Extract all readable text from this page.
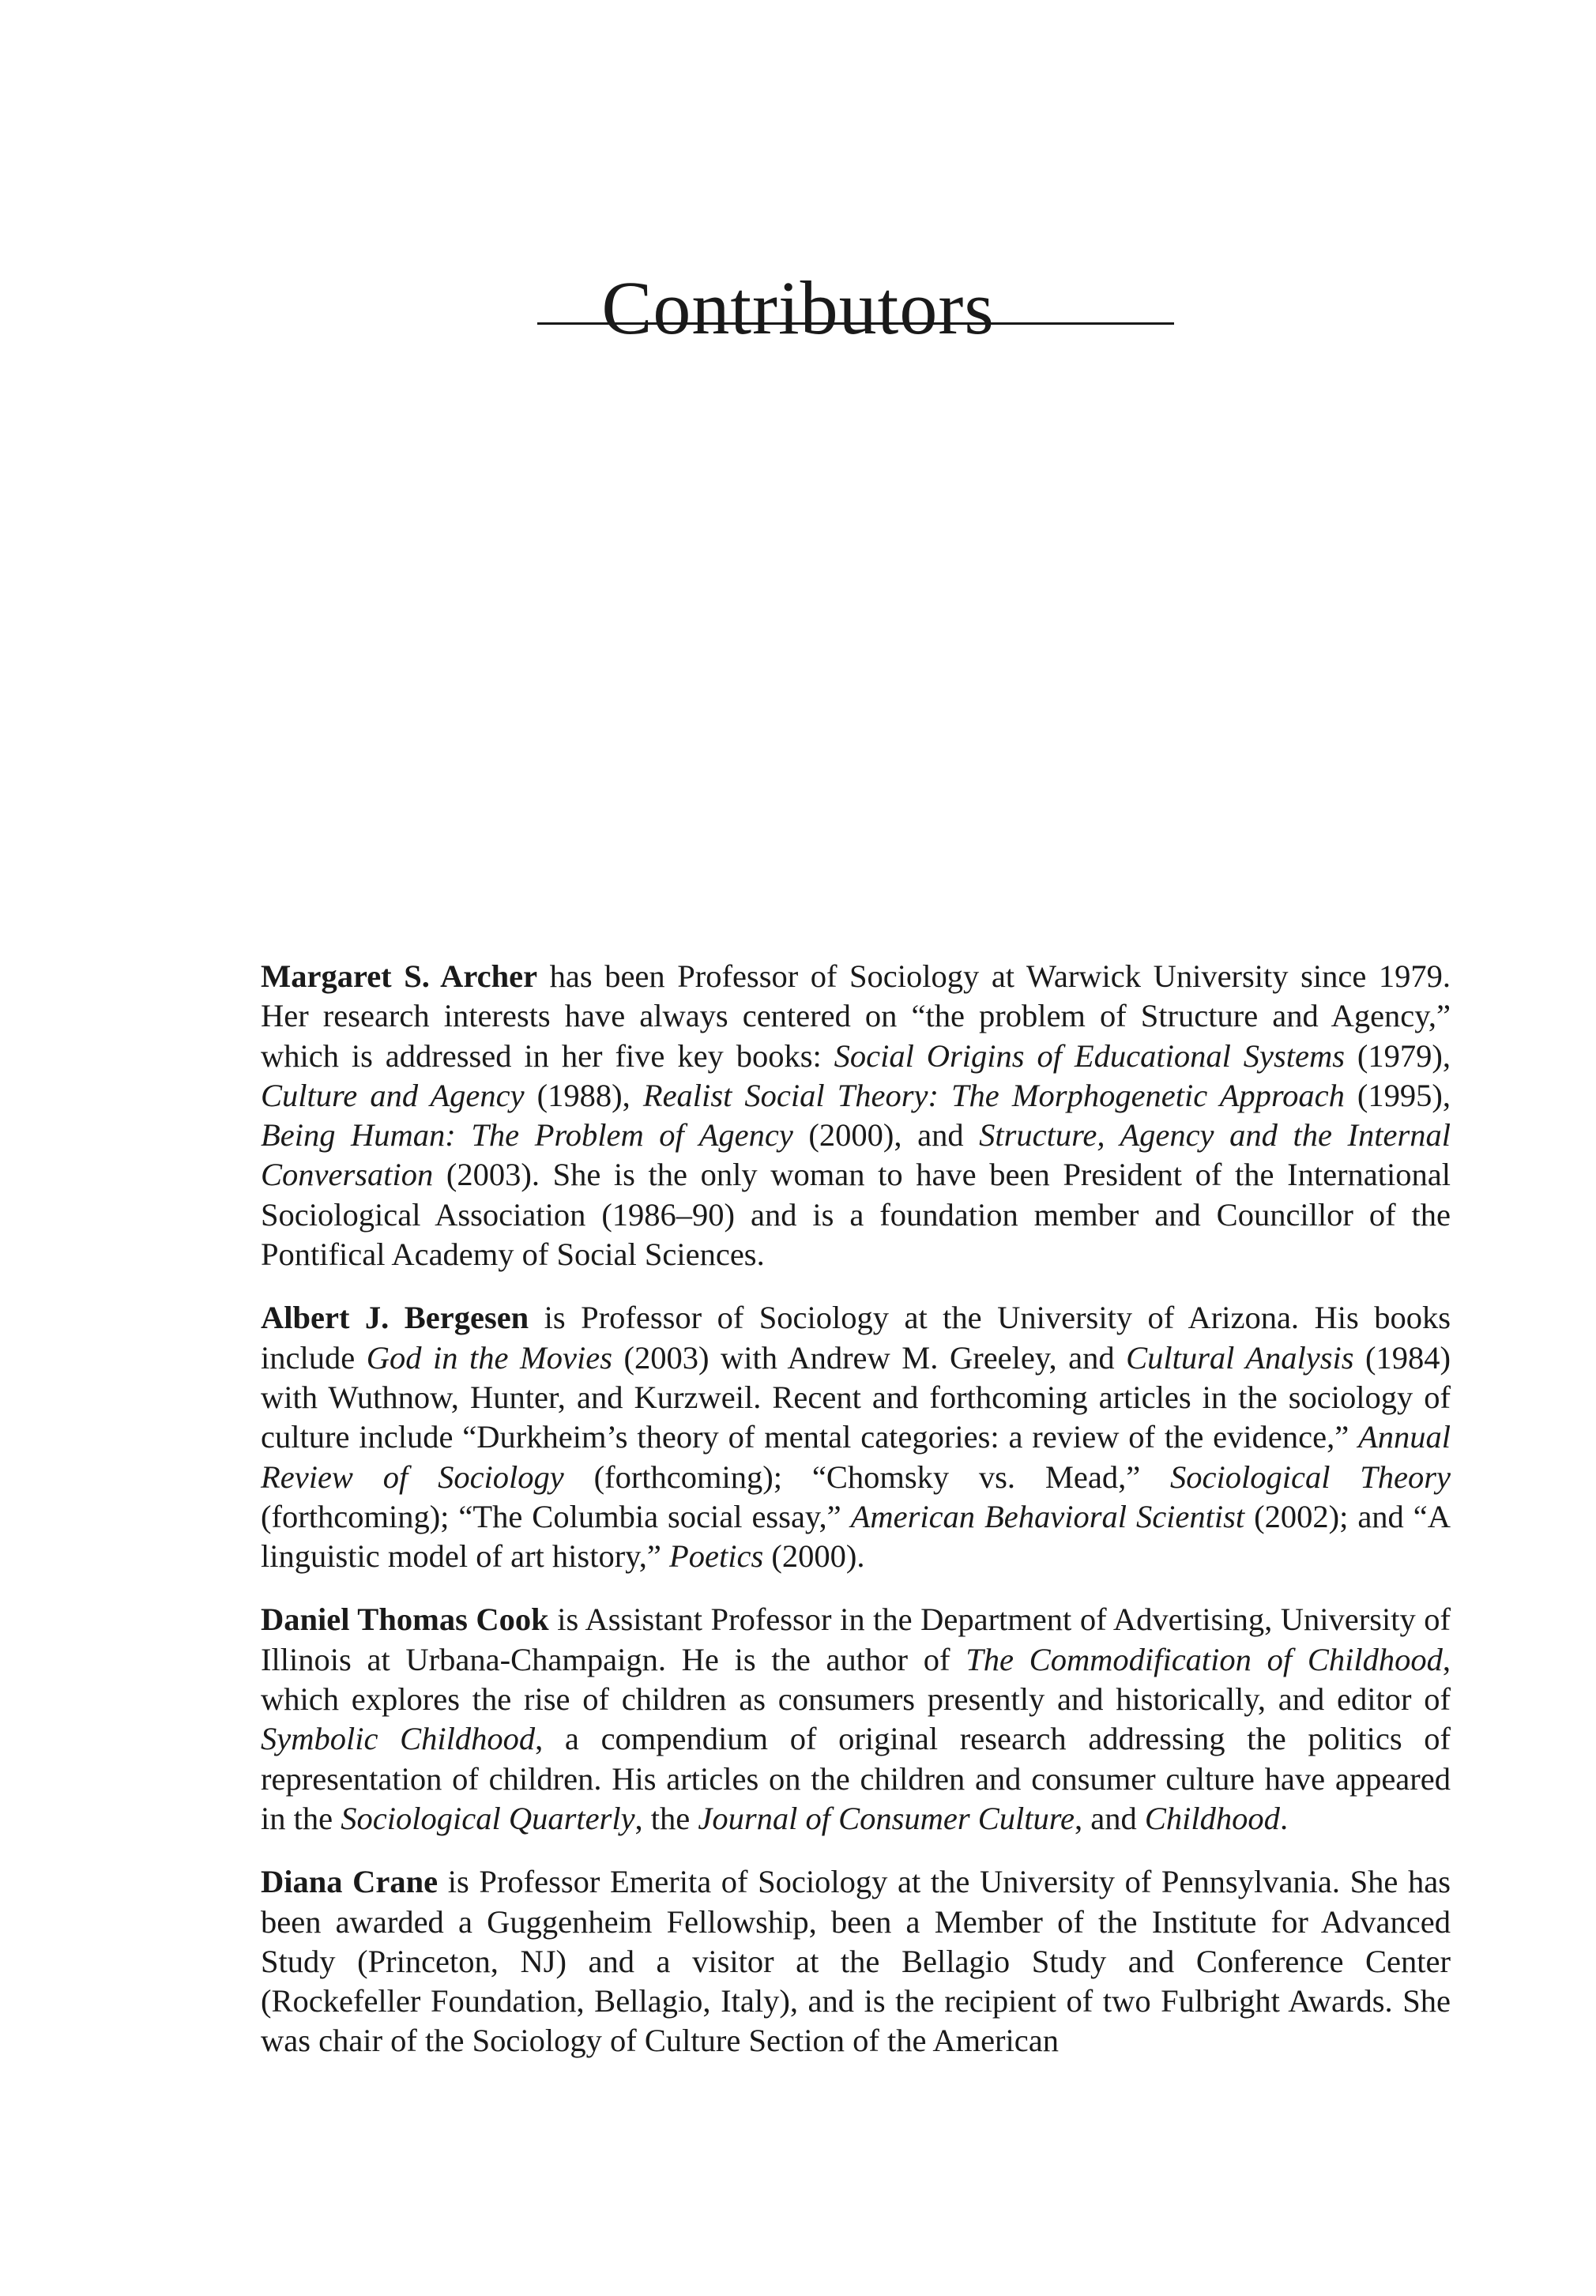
Contributors

Margaret S. Archer has been Professor of Sociology at Warwick University since 1979. Her research interests have always centered on “the problem of Structure and Agency,” which is addressed in her five key books: Social Origins of Educational Systems (1979), Culture and Agency (1988), Realist Social Theory: The Morphogenetic Approach (1995), Being Human: The Problem of Agency (2000), and Structure, Agency and the Internal Conversation (2003). She is the only woman to have been President of the International Sociological Association (1986–90) and is a foundation member and Councillor of the Pontifical Academy of Social Sciences.

Albert J. Bergesen is Professor of Sociology at the University of Arizona. His books include God in the Movies (2003) with Andrew M. Greeley, and Cultural Analysis (1984) with Wuthnow, Hunter, and Kurzweil. Recent and forthcoming articles in the sociology of culture include “Durkheim’s theory of mental categories: a review of the evidence,” Annual Review of Sociology (forthcoming); “Chomsky vs. Mead,” Sociological Theory (forthcoming); “The Columbia social essay,” American Behavioral Scientist (2002); and “A linguistic model of art history,” Poetics (2000).

Daniel Thomas Cook is Assistant Professor in the Department of Advertising, University of Illinois at Urbana-Champaign. He is the author of The Commodification of Childhood, which explores the rise of children as consumers presently and historically, and editor of Symbolic Childhood, a compendium of original research addressing the politics of representation of children. His articles on the children and consumer culture have appeared in the Sociological Quarterly, the Journal of Consumer Culture, and Childhood.

Diana Crane is Professor Emerita of Sociology at the University of Pennsylvania. She has been awarded a Guggenheim Fellowship, been a Member of the Institute for Advanced Study (Princeton, NJ) and a visitor at the Bellagio Study and Conference Center (Rockefeller Foundation, Bellagio, Italy), and is the recipient of two Fulbright Awards. She was chair of the Sociology of Culture Section of the American
